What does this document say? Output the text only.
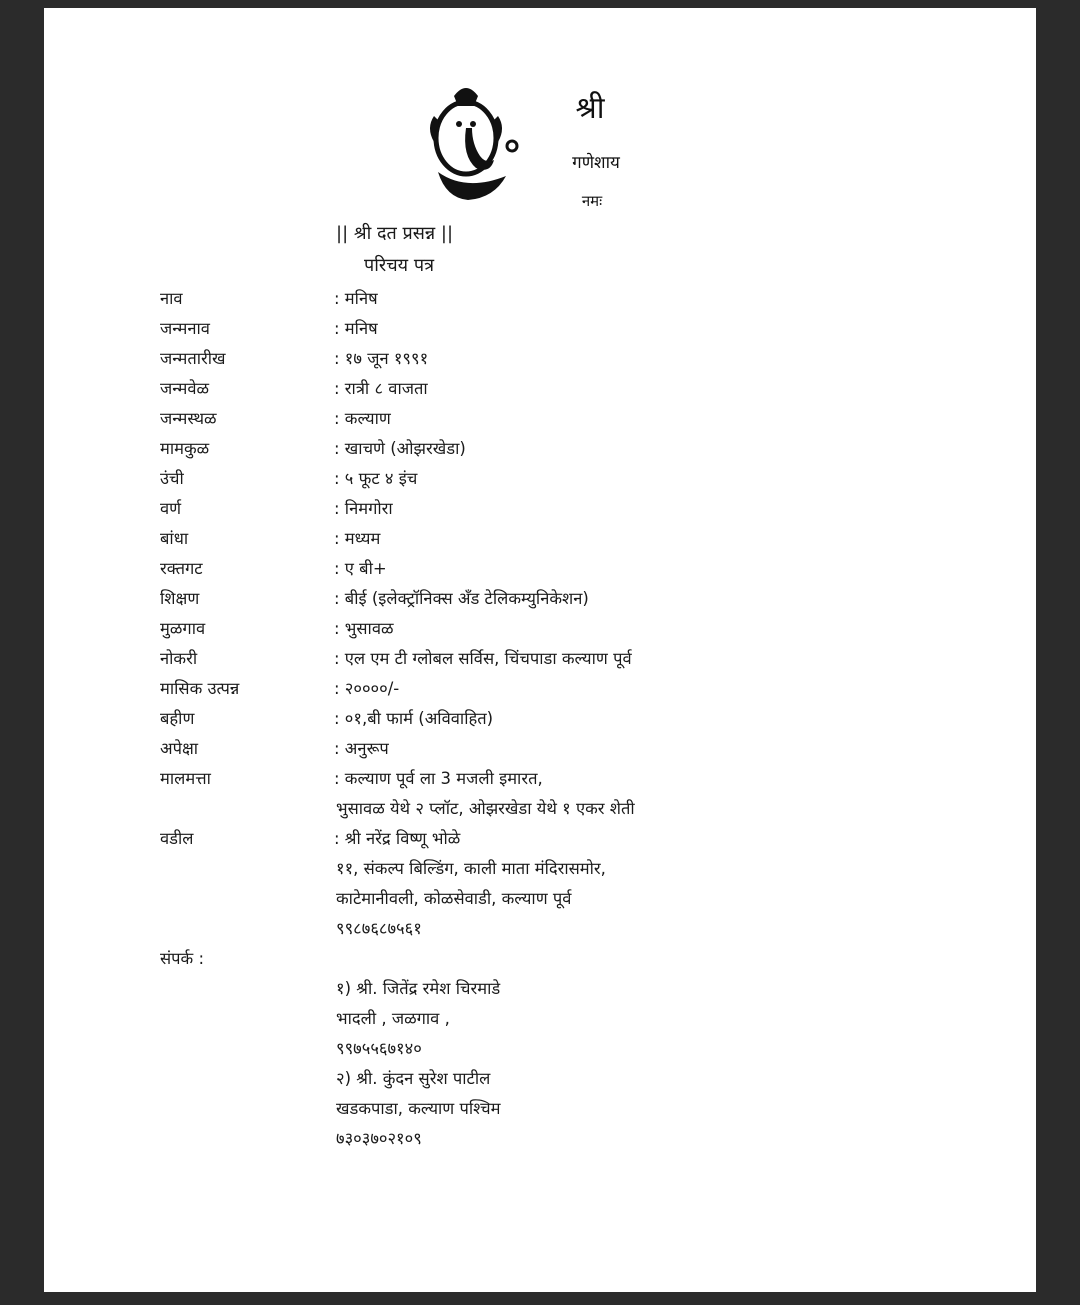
श्री
गणेशाय
नमः
|| श्री दत प्रसन्न ||
परिचय पत्र
नाव	: मनिष
जन्मनाव	: मनिष
जन्मतारीख	: १७ जून १९९१
जन्मवेळ	: रात्री ८ वाजता
जन्मस्थळ	: कल्याण
मामकुळ	: खाचणे (ओझरखेडा)
उंची	: ५ फूट ४ इंच
वर्ण	: निमगोरा
बांधा	: मध्यम
रक्तगट	: ए बी+
शिक्षण	: बीई (इलेक्ट्रॉनिक्स अँड टेलिकम्युनिकेशन)
मुळगाव	: भुसावळ
नोकरी	: एल एम टी ग्लोबल सर्विस, चिंचपाडा कल्याण पूर्व
मासिक उत्पन्न	: २००००/-
बहीण	: ०१,बी फार्म (अविवाहित)
अपेक्षा	: अनुरूप
मालमत्ता	: कल्याण पूर्व ला 3 मजली इमारत,
भुसावळ येथे २ प्लॉट, ओझरखेडा येथे १ एकर शेती
वडील	: श्री नरेंद्र विष्णू भोळे
११, संकल्प बिल्डिंग, काली माता मंदिरासमोर,
काटेमानीवली, कोळसेवाडी, कल्याण पूर्व
९९८७६८७५६१
संपर्क :
१) श्री. जितेंद्र रमेश चिरमाडे
भादली , जळगाव ,
९९७५५६७१४०
२) श्री. कुंदन सुरेश पाटील
खडकपाडा, कल्याण पश्चिम
७३०३७०२१०९
